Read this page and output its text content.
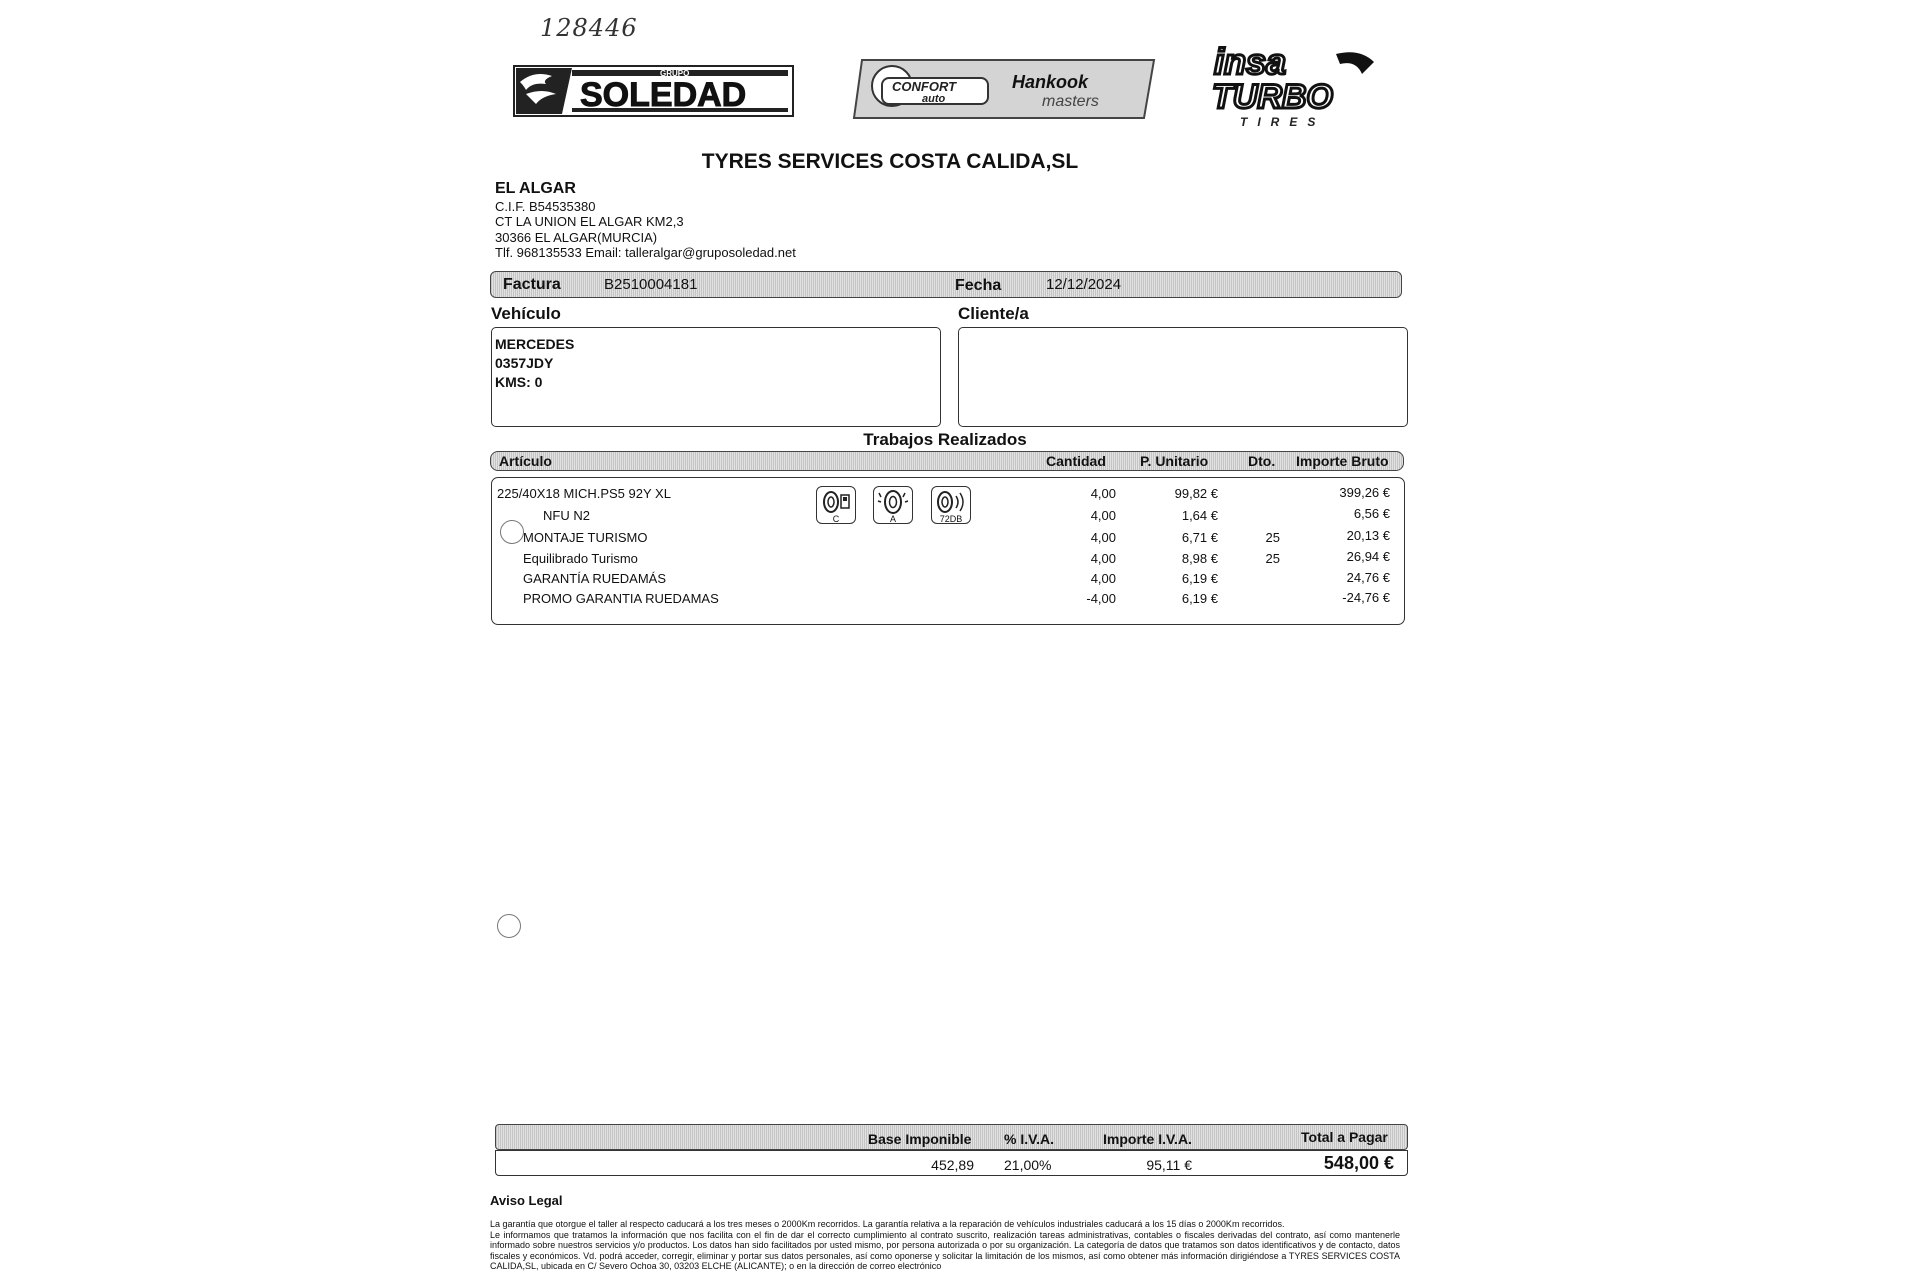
128446
GRUPO
SOLEDAD	CONFORT
auto
Hankook
masters
insa
TURBO
TIRES
TYRES SERVICES COSTA CALIDA,SL
EL ALGAR
C.I.F. B54535380
CT LA UNION EL ALGAR KM2,3
30366 EL ALGAR(MURCIA)
Tlf. 968135533 Email: talleralgar@gruposoledad.net
Factura	B2510004181	Fecha	12/12/2024
Vehículo	Cliente/a
MERCEDES
0357JDY
KMS: 0
Trabajos Realizados
Artículo	Cantidad P. Unitario	Dto. Importe Bruto
C	A	72DB
225/40X18 MICH.PS5 92Y XL	4,00	99,82 €	399,26 €
NFU N2	4,00	1,64 €	6,56 €
MONTAJE TURISMO	4,00	6,71 €	25	20,13 €
Equilibrado Turismo	4,00	8,98 €	25	26,94 €
GARANTÍA RUEDAMÁS	4,00	6,19 €	24,76 €
PROMO GARANTIA RUEDAMAS	-4,00	6,19 €	-24,76 €
Base Imponible % I.V.A.	Importe I.V.A.	Total a Pagar
452,89 21,00%	95,11 €	548,00 €
Aviso Legal
La garantía que otorgue el taller al respecto caducará a los tres meses o 2000Km recorridos. La garantía relativa a la reparación de vehículos industriales caducará a los 15 días o 2000Km recorridos.
Le informamos que tratamos la información que nos facilita con el fin de dar el correcto cumplimiento al contrato suscrito, realización tareas administrativas, contables o fiscales derivadas del contrato, así como mantenerle informado sobre nuestros servicios y/o productos. Los datos han sido facilitados por usted mismo, por persona autorizada o por su organización. La categoría de datos que tratamos son datos identificativos y de contacto, datos fiscales y económicos. Vd. podrá acceder, corregir, eliminar y portar sus datos personales, así como oponerse y solicitar la limitación de los mismos, así como obtener más información dirigiéndose a TYRES SERVICES COSTA CALIDA,SL, ubicada en C/ Severo Ochoa 30, 03203 ELCHE (ALICANTE); o en la dirección de correo electrónico
